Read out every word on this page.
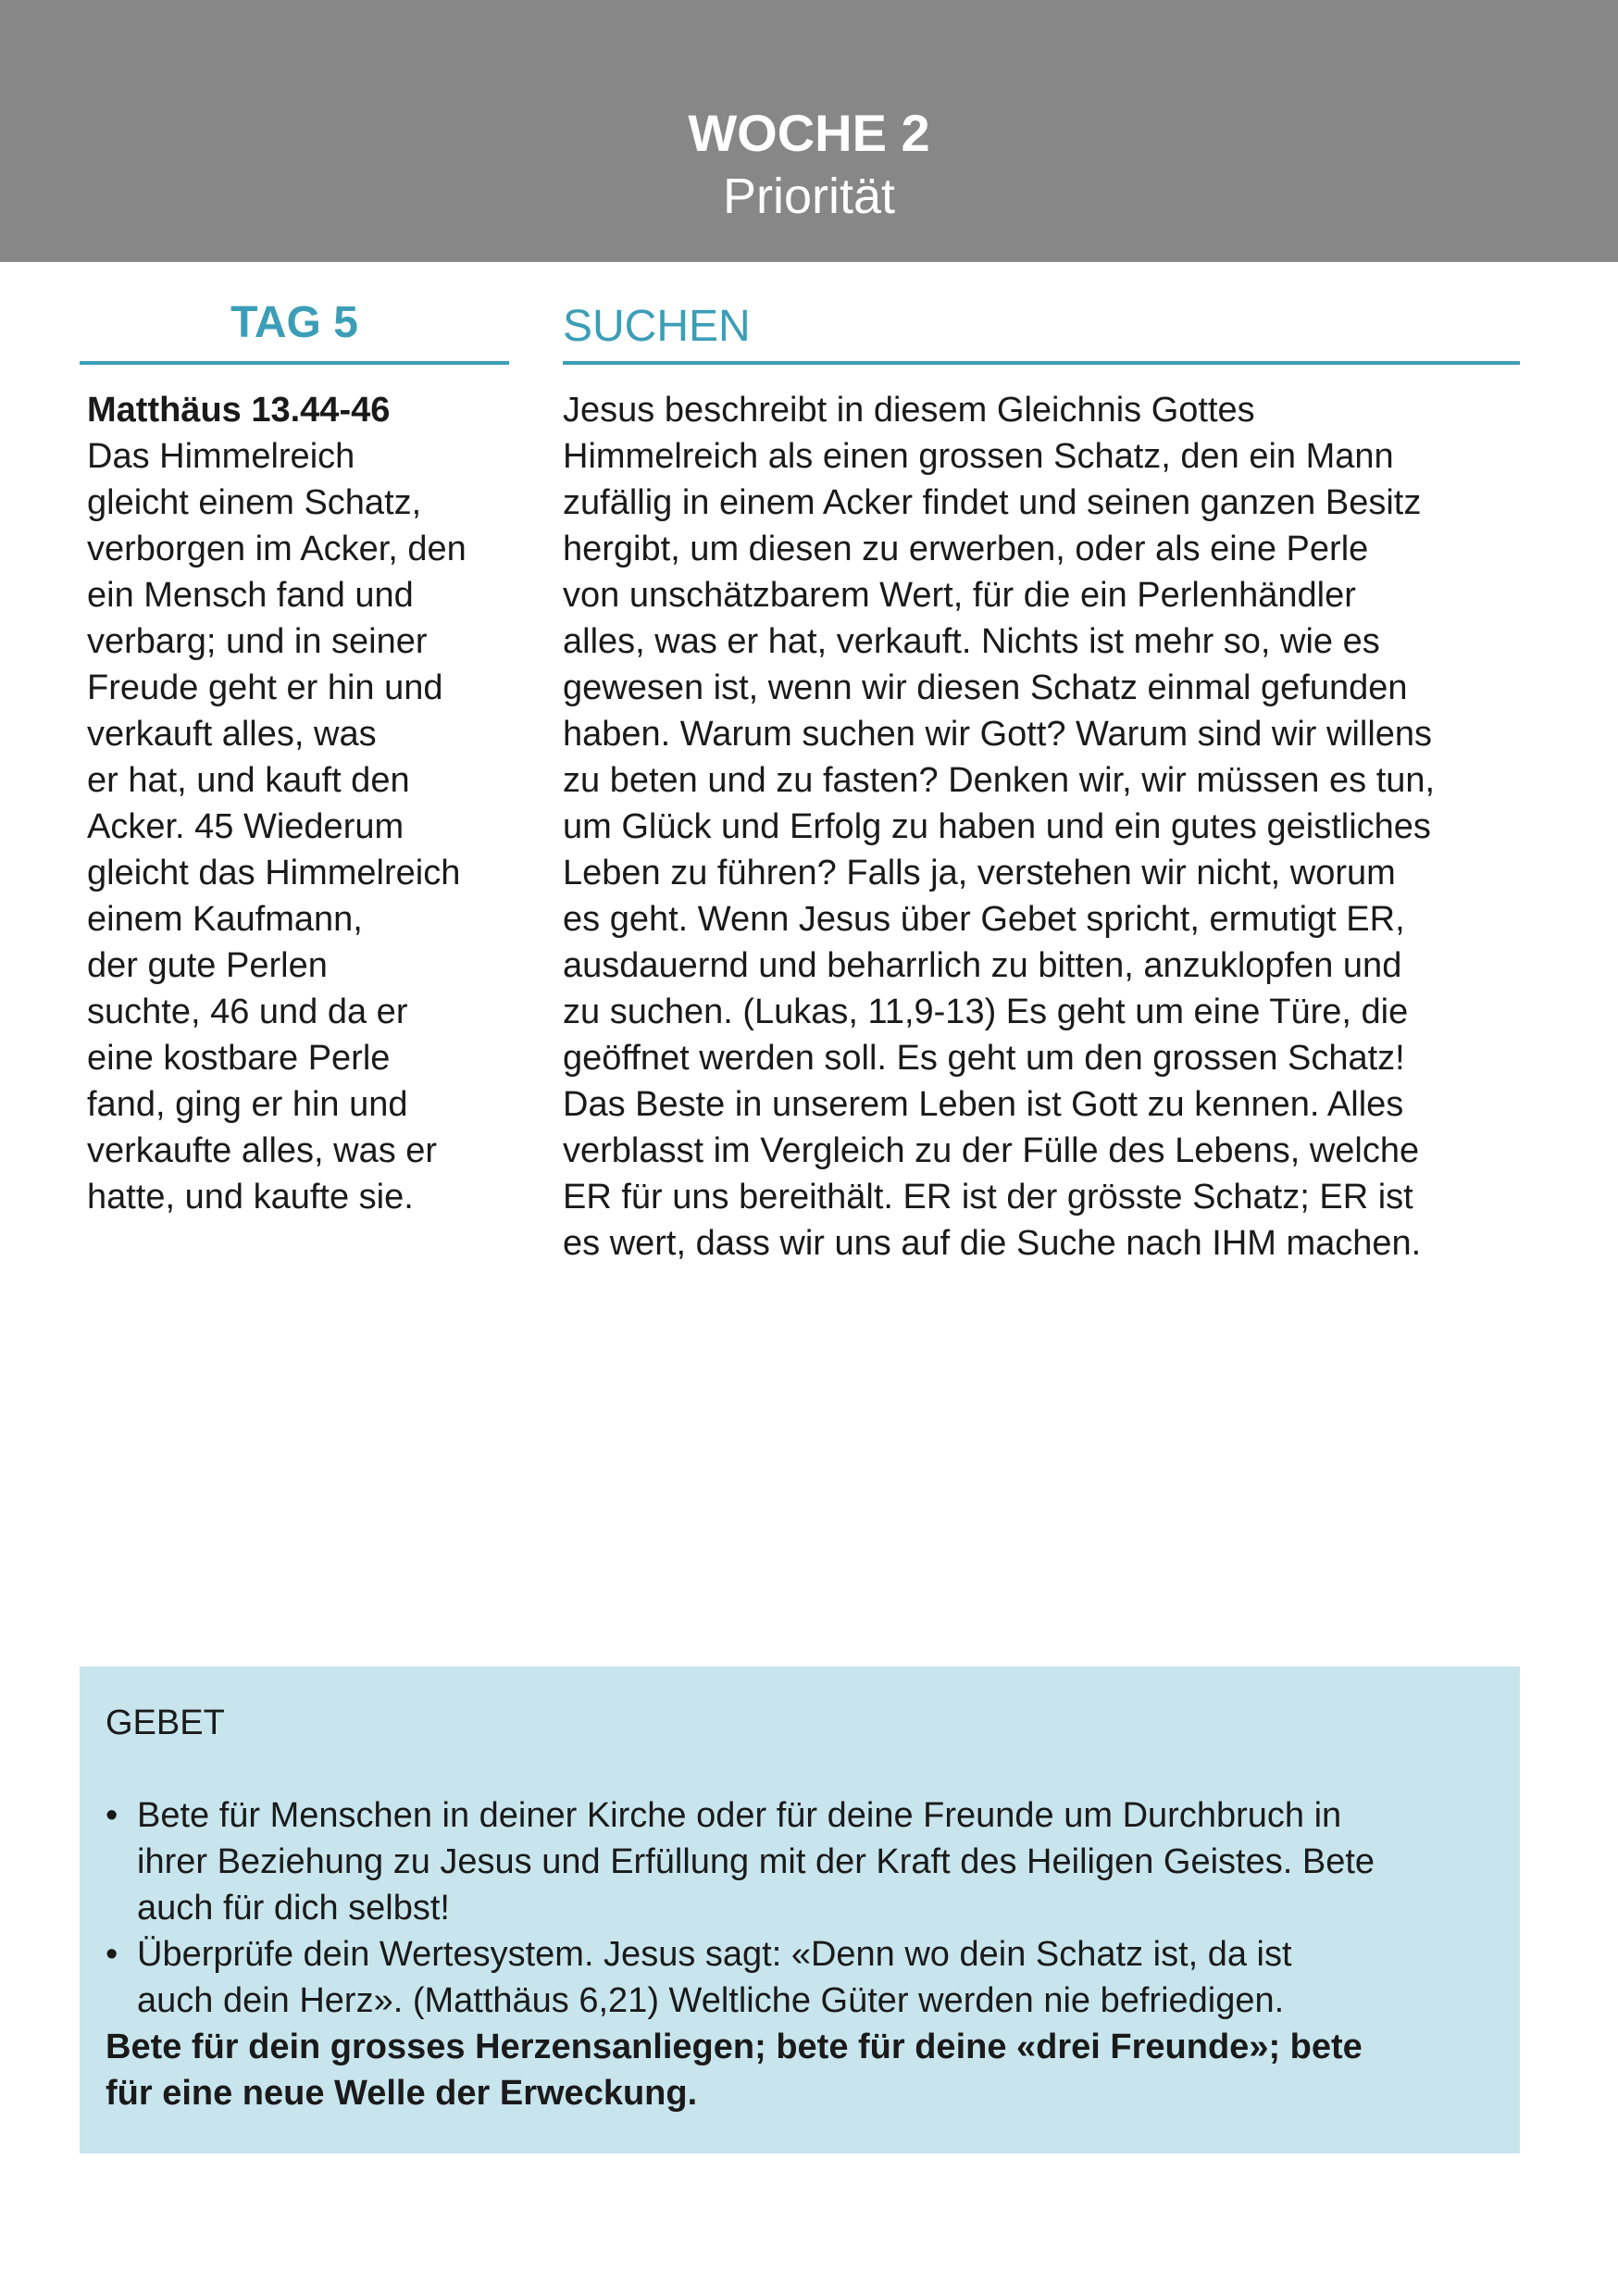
WOCHE 2
Priorität
TAG 5
Matthäus 13.44-46
Das Himmelreich
gleicht einem Schatz,
verborgen im Acker, den
ein Mensch fand und
verbarg; und in seiner
Freude geht er hin und
verkauft alles, was
er hat, und kauft den
Acker. 45 Wiederum
gleicht das Himmelreich
einem Kaufmann,
der gute Perlen
suchte, 46 und da er
eine kostbare Perle
fand, ging er hin und
verkaufte alles, was er
hatte, und kaufte sie.
SUCHEN
Jesus beschreibt in diesem Gleichnis Gottes
Himmelreich als einen grossen Schatz, den ein Mann
zufällig in einem Acker findet und seinen ganzen Besitz
hergibt, um diesen zu erwerben, oder als eine Perle
von unschätzbarem Wert, für die ein Perlenhändler
alles, was er hat, verkauft. Nichts ist mehr so, wie es
gewesen ist, wenn wir diesen Schatz einmal gefunden
haben. Warum suchen wir Gott? Warum sind wir willens
zu beten und zu fasten? Denken wir, wir müssen es tun,
um Glück und Erfolg zu haben und ein gutes geistliches
Leben zu führen? Falls ja, verstehen wir nicht, worum
es geht. Wenn Jesus über Gebet spricht, ermutigt ER,
ausdauernd und beharrlich zu bitten, anzuklopfen und
zu suchen. (Lukas, 11,9-13) Es geht um eine Türe, die
geöffnet werden soll. Es geht um den grossen Schatz!
Das Beste in unserem Leben ist Gott zu kennen. Alles
verblasst im Vergleich zu der Fülle des Lebens, welche
ER für uns bereithält. ER ist der grösste Schatz; ER ist
es wert, dass wir uns auf die Suche nach IHM machen.
GEBET
• Bete für Menschen in deiner Kirche oder für deine Freunde um Durchbruch in
ihrer Beziehung zu Jesus und Erfüllung mit der Kraft des Heiligen Geistes. Bete
auch für dich selbst!
• Überprüfe dein Wertesystem. Jesus sagt: «Denn wo dein Schatz ist, da ist
auch dein Herz». (Matthäus 6,21) Weltliche Güter werden nie befriedigen.
Bete für dein grosses Herzensanliegen; bete für deine «drei Freunde»; bete
für eine neue Welle der Erweckung.
